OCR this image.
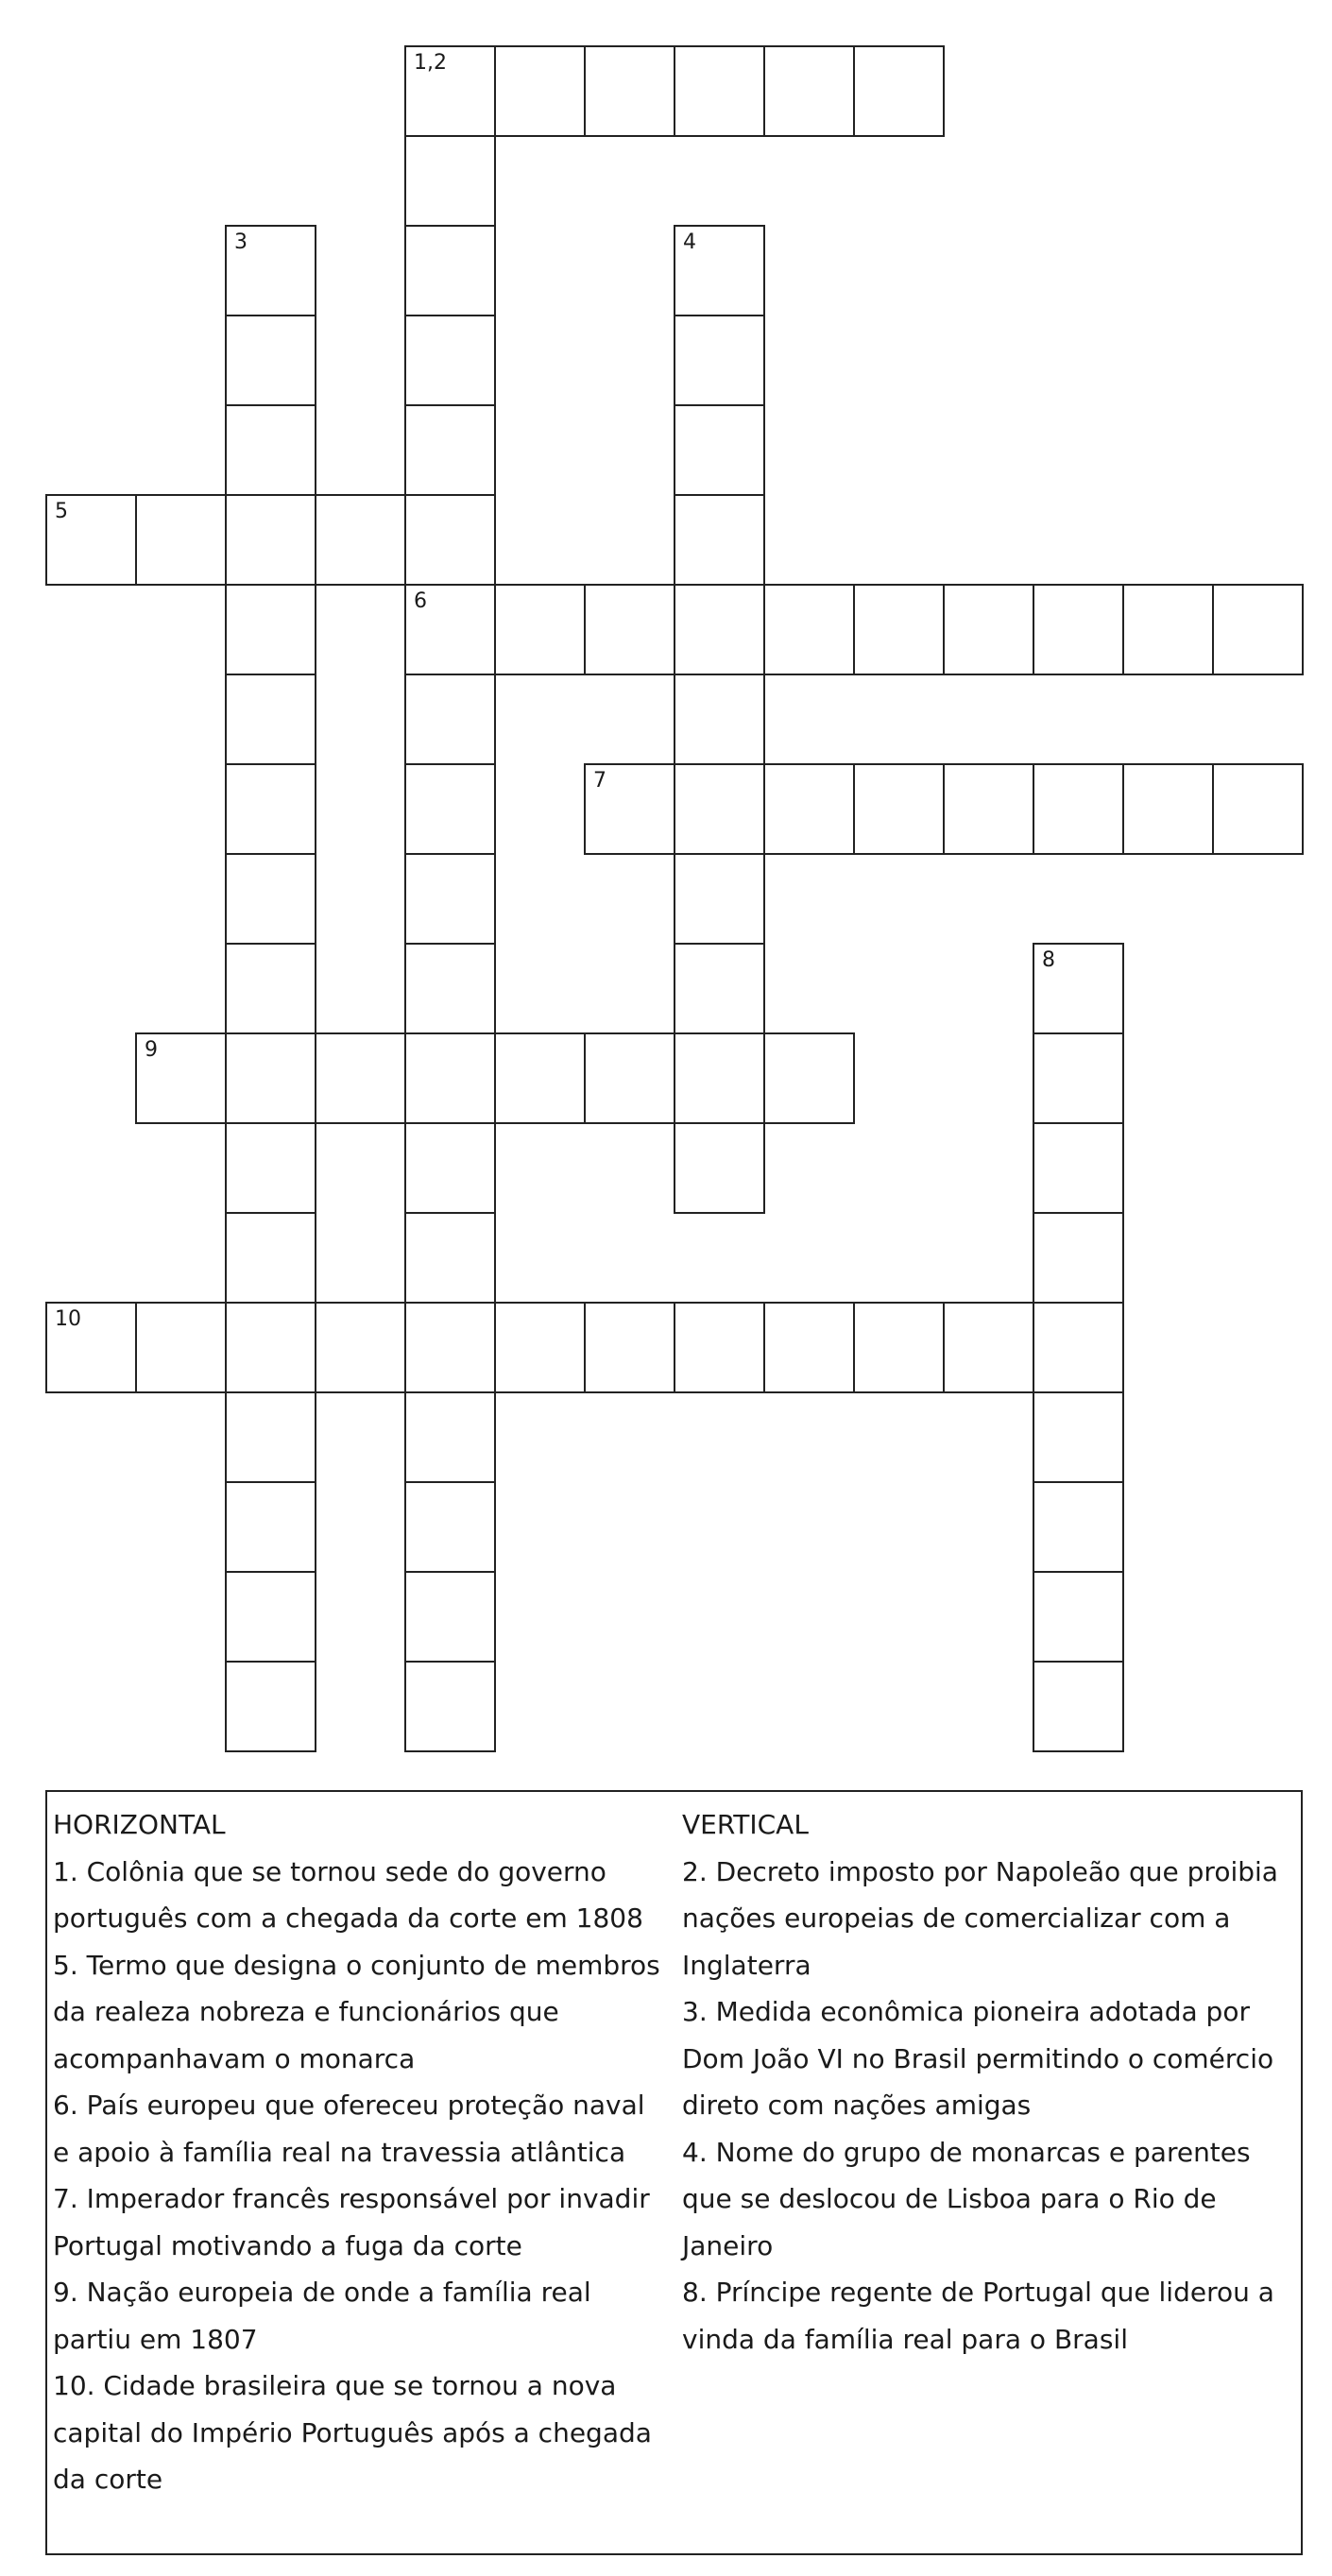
1,2
3	4
5
6
7
8
9
10
HORIZONTAL
1. Colônia que se tornou sede do governo português com a chegada da corte em 1808
5. Termo que designa o conjunto de membros da realeza nobreza e funcionários que acompanhavam o monarca
6. País europeu que ofereceu proteção naval e apoio à família real na travessia atlântica
7. Imperador francês responsável por invadir Portugal motivando a fuga da corte
9. Nação europeia de onde a família real partiu em 1807
10. Cidade brasileira que se tornou a nova capital do Império Português após a chegada da corte
VERTICAL
2. Decreto imposto por Napoleão que proibia nações europeias de comercializar com a Inglaterra
3. Medida econômica pioneira adotada por Dom João VI no Brasil permitindo o comércio direto com nações amigas
4. Nome do grupo de monarcas e parentes que se deslocou de Lisboa para o Rio de Janeiro
8. Príncipe regente de Portugal que liderou a vinda da família real para o Brasil
